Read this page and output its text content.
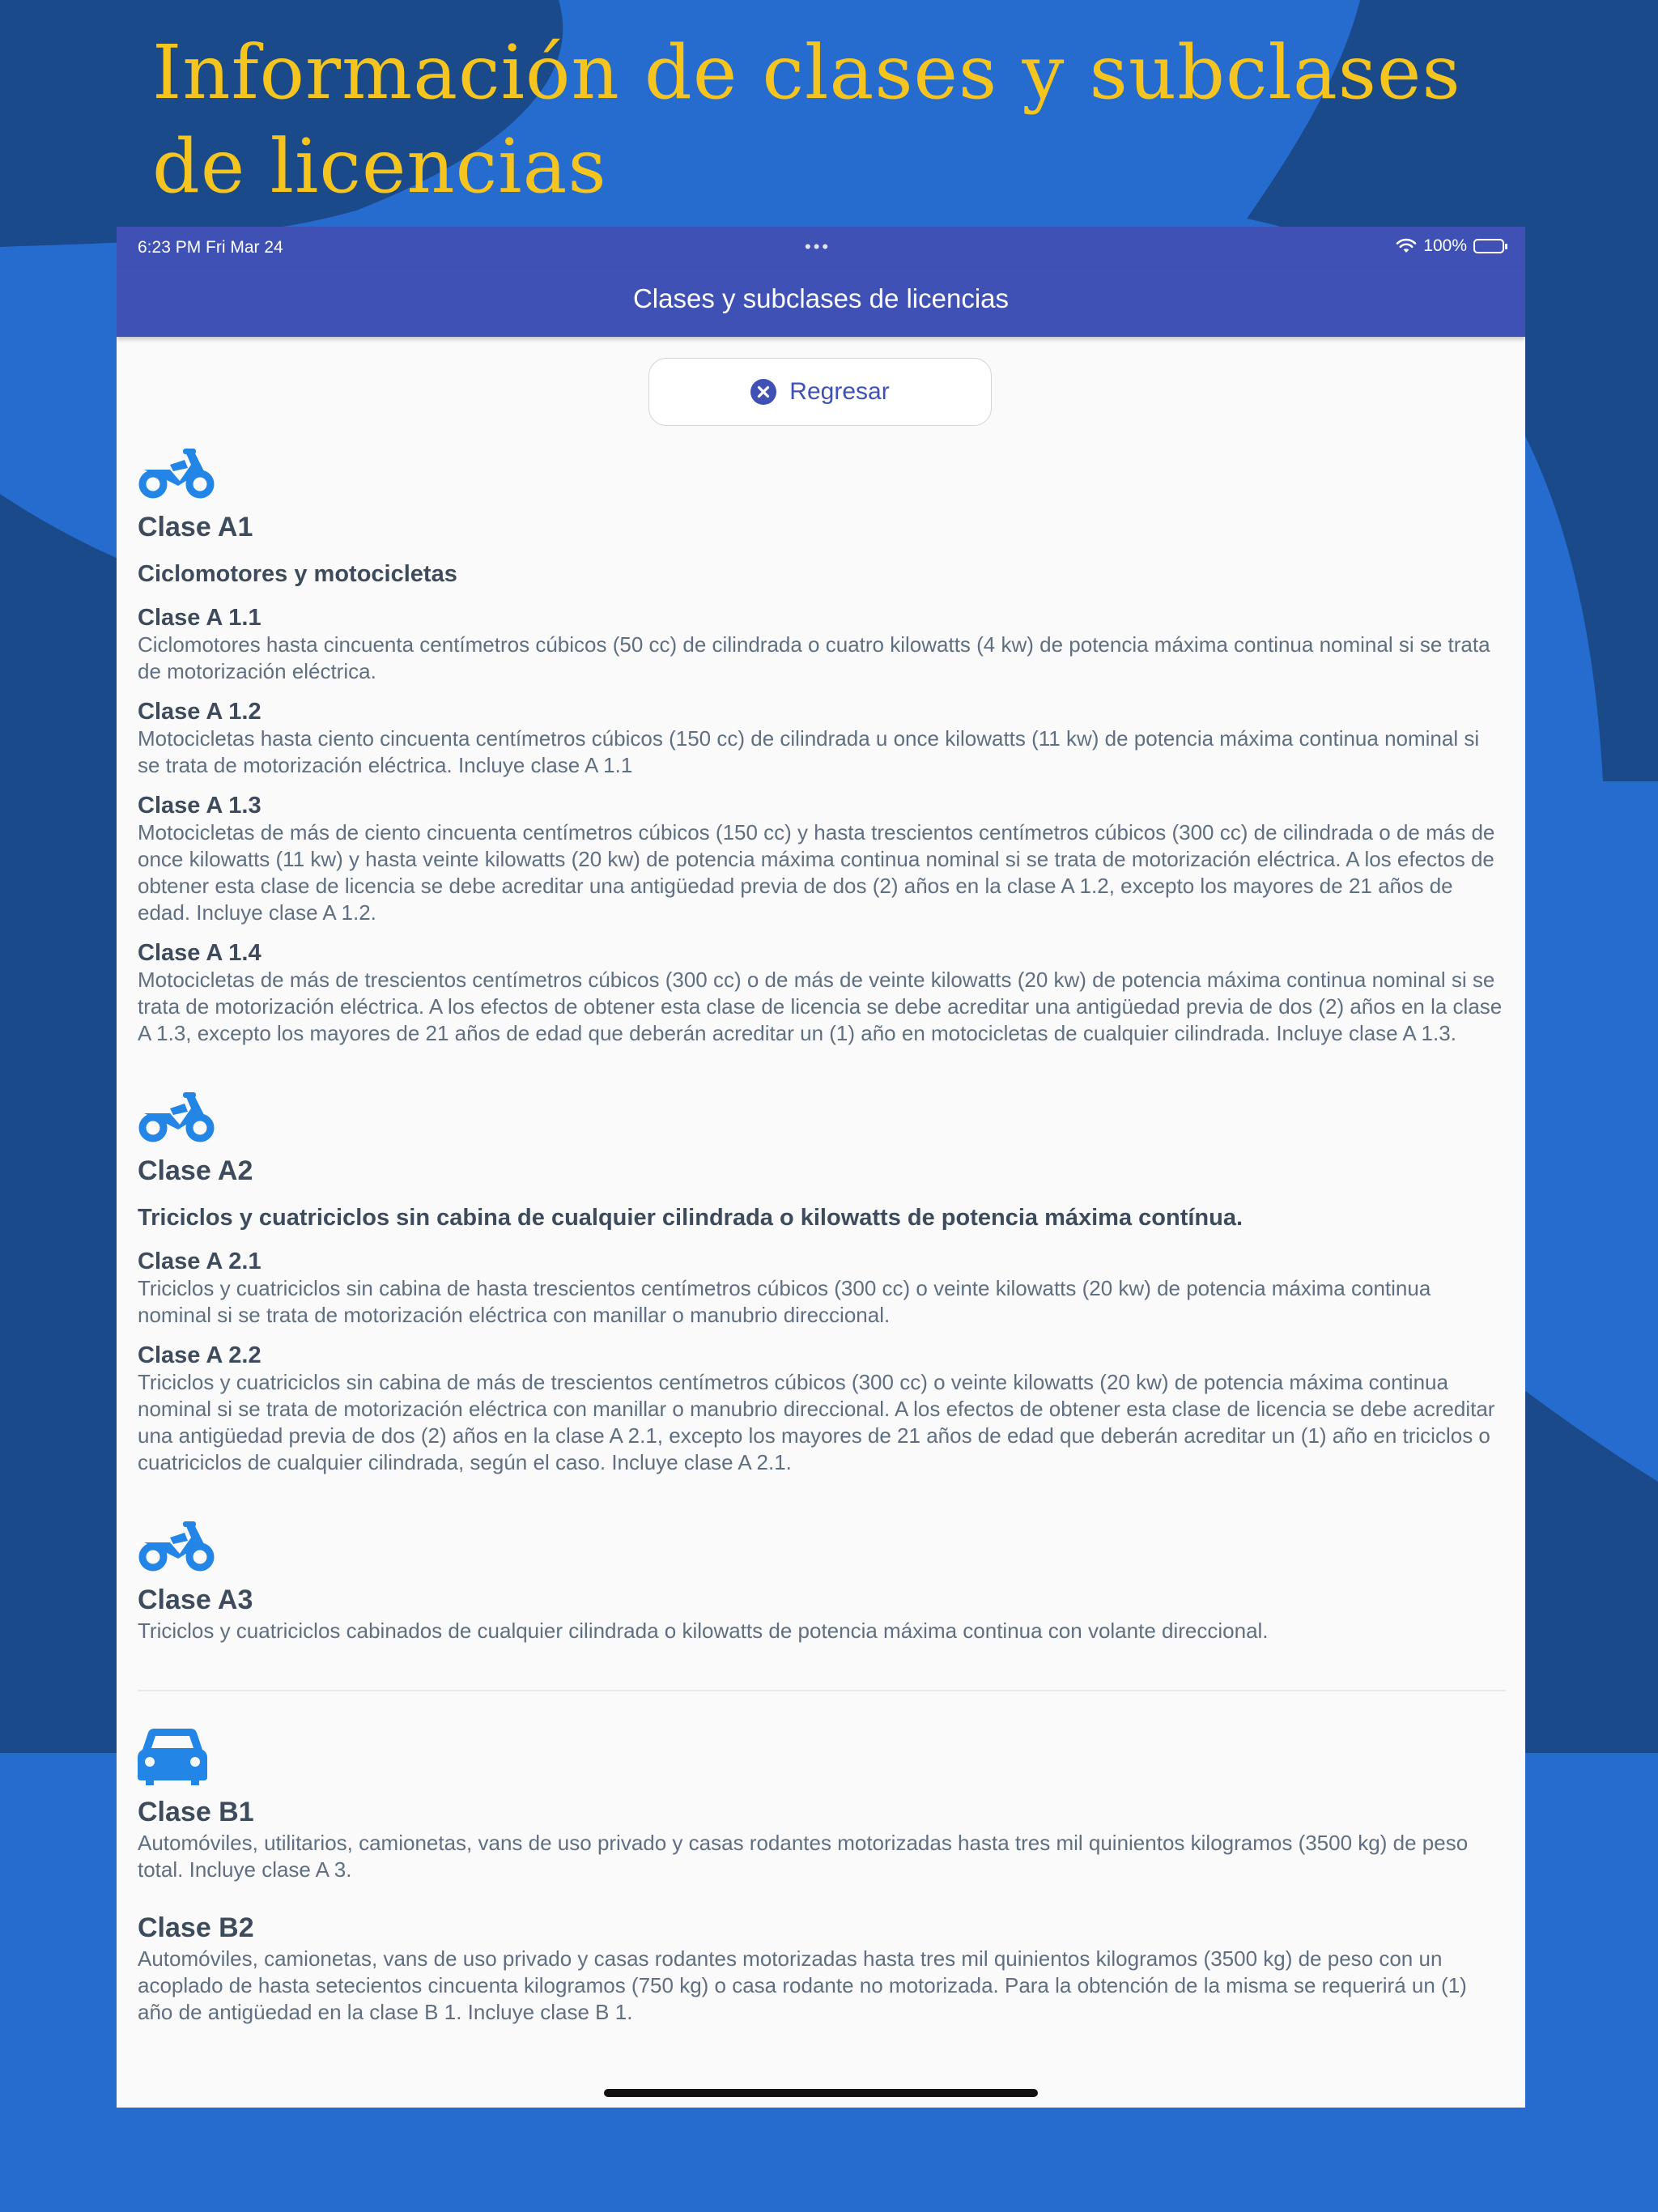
Información de clases y subclases de licencias
6:23 PM Fri Mar 24	•••	100%
Clases y subclases de licencias
Regresar
Clase A1
Ciclomotores y motocicletas
Clase A 1.1
Ciclomotores hasta cincuenta centímetros cúbicos (50 cc) de cilindrada o cuatro kilowatts (4 kw) de potencia máxima continua nominal si se trata de motorización eléctrica.
Clase A 1.2
Motocicletas hasta ciento cincuenta centímetros cúbicos (150 cc) de cilindrada u once kilowatts (11 kw) de potencia máxima continua nominal si se trata de motorización eléctrica. Incluye clase A 1.1
Clase A 1.3
Motocicletas de más de ciento cincuenta centímetros cúbicos (150 cc) y hasta trescientos centímetros cúbicos (300 cc) de cilindrada o de más de once kilowatts (11 kw) y hasta veinte kilowatts (20 kw) de potencia máxima continua nominal si se trata de motorización eléctrica. A los efectos de obtener esta clase de licencia se debe acreditar una antigüedad previa de dos (2) años en la clase A 1.2, excepto los mayores de 21 años de edad. Incluye clase A 1.2.
Clase A 1.4
Motocicletas de más de trescientos centímetros cúbicos (300 cc) o de más de veinte kilowatts (20 kw) de potencia máxima continua nominal si se trata de motorización eléctrica. A los efectos de obtener esta clase de licencia se debe acreditar una antigüedad previa de dos (2) años en la clase A 1.3, excepto los mayores de 21 años de edad que deberán acreditar un (1) año en motocicletas de cualquier cilindrada. Incluye clase A 1.3.
Clase A2
Triciclos y cuatriciclos sin cabina de cualquier cilindrada o kilowatts de potencia máxima contínua.
Clase A 2.1
Triciclos y cuatriciclos sin cabina de hasta trescientos centímetros cúbicos (300 cc) o veinte kilowatts (20 kw) de potencia máxima continua nominal si se trata de motorización eléctrica con manillar o manubrio direccional.
Clase A 2.2
Triciclos y cuatriciclos sin cabina de más de trescientos centímetros cúbicos (300 cc) o veinte kilowatts (20 kw) de potencia máxima continua nominal si se trata de motorización eléctrica con manillar o manubrio direccional. A los efectos de obtener esta clase de licencia se debe acreditar una antigüedad previa de dos (2) años en la clase A 2.1, excepto los mayores de 21 años de edad que deberán acreditar un (1) año en triciclos o cuatriciclos de cualquier cilindrada, según el caso. Incluye clase A 2.1.
Clase A3
Triciclos y cuatriciclos cabinados de cualquier cilindrada o kilowatts de potencia máxima continua con volante direccional.
Clase B1
Automóviles, utilitarios, camionetas, vans de uso privado y casas rodantes motorizadas hasta tres mil quinientos kilogramos (3500 kg) de peso total. Incluye clase A 3.
Clase B2
Automóviles, camionetas, vans de uso privado y casas rodantes motorizadas hasta tres mil quinientos kilogramos (3500 kg) de peso con un acoplado de hasta setecientos cincuenta kilogramos (750 kg) o casa rodante no motorizada. Para la obtención de la misma se requerirá un (1) año de antigüedad en la clase B 1. Incluye clase B 1.
